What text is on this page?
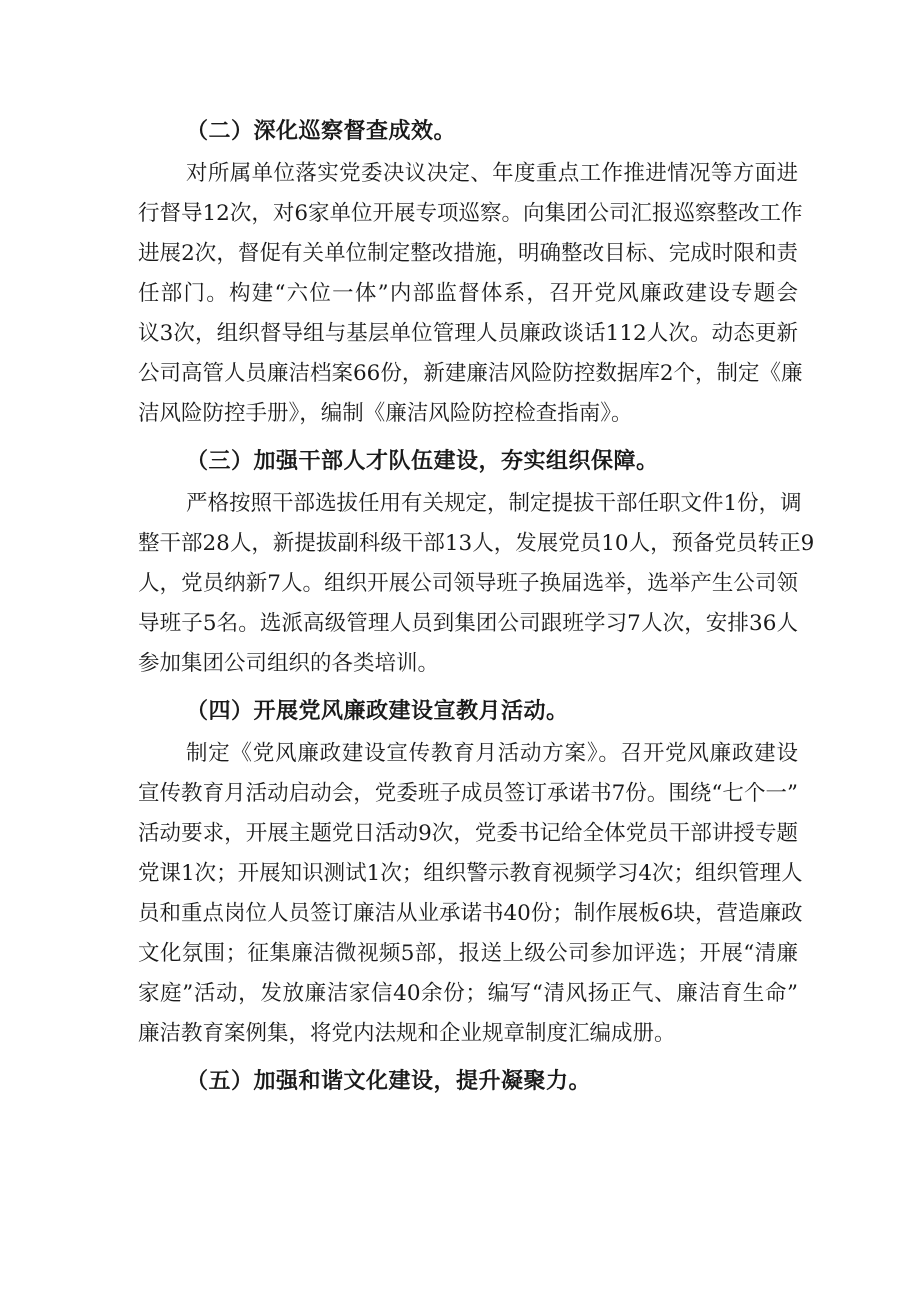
（二）深化巡察督查成效。

对所属单位落实党委决议决定、年度重点工作推进情况等方面进
行督导12次，对6家单位开展专项巡察。向集团公司汇报巡察整改工作
进展2次，督促有关单位制定整改措施，明确整改目标、完成时限和责
任部门。构建“六位一体”内部监督体系，召开党风廉政建设专题会
议3次，组织督导组与基层单位管理人员廉政谈话112人次。动态更新
公司高管人员廉洁档案66份，新建廉洁风险防控数据库2个，制定《廉
洁风险防控手册》，编制《廉洁风险防控检查指南》。

（三）加强干部人才队伍建设，夯实组织保障。

严格按照干部选拔任用有关规定，制定提拔干部任职文件1份，调
整干部28人，新提拔副科级干部13人，发展党员10人，预备党员转正9
人，党员纳新7人。组织开展公司领导班子换届选举，选举产生公司领
导班子5名。选派高级管理人员到集团公司跟班学习7人次，安排36人
参加集团公司组织的各类培训。

（四）开展党风廉政建设宣教月活动。

制定《党风廉政建设宣传教育月活动方案》。召开党风廉政建设
宣传教育月活动启动会，党委班子成员签订承诺书7份。围绕“七个一”
活动要求，开展主题党日活动9次，党委书记给全体党员干部讲授专题
党课1次；开展知识测试1次；组织警示教育视频学习4次；组织管理人
员和重点岗位人员签订廉洁从业承诺书40份；制作展板6块，营造廉政
文化氛围；征集廉洁微视频5部，报送上级公司参加评选；开展“清廉
家庭”活动，发放廉洁家信40余份；编写“清风扬正气、廉洁育生命”
廉洁教育案例集，将党内法规和企业规章制度汇编成册。

（五）加强和谐文化建设，提升凝聚力。
